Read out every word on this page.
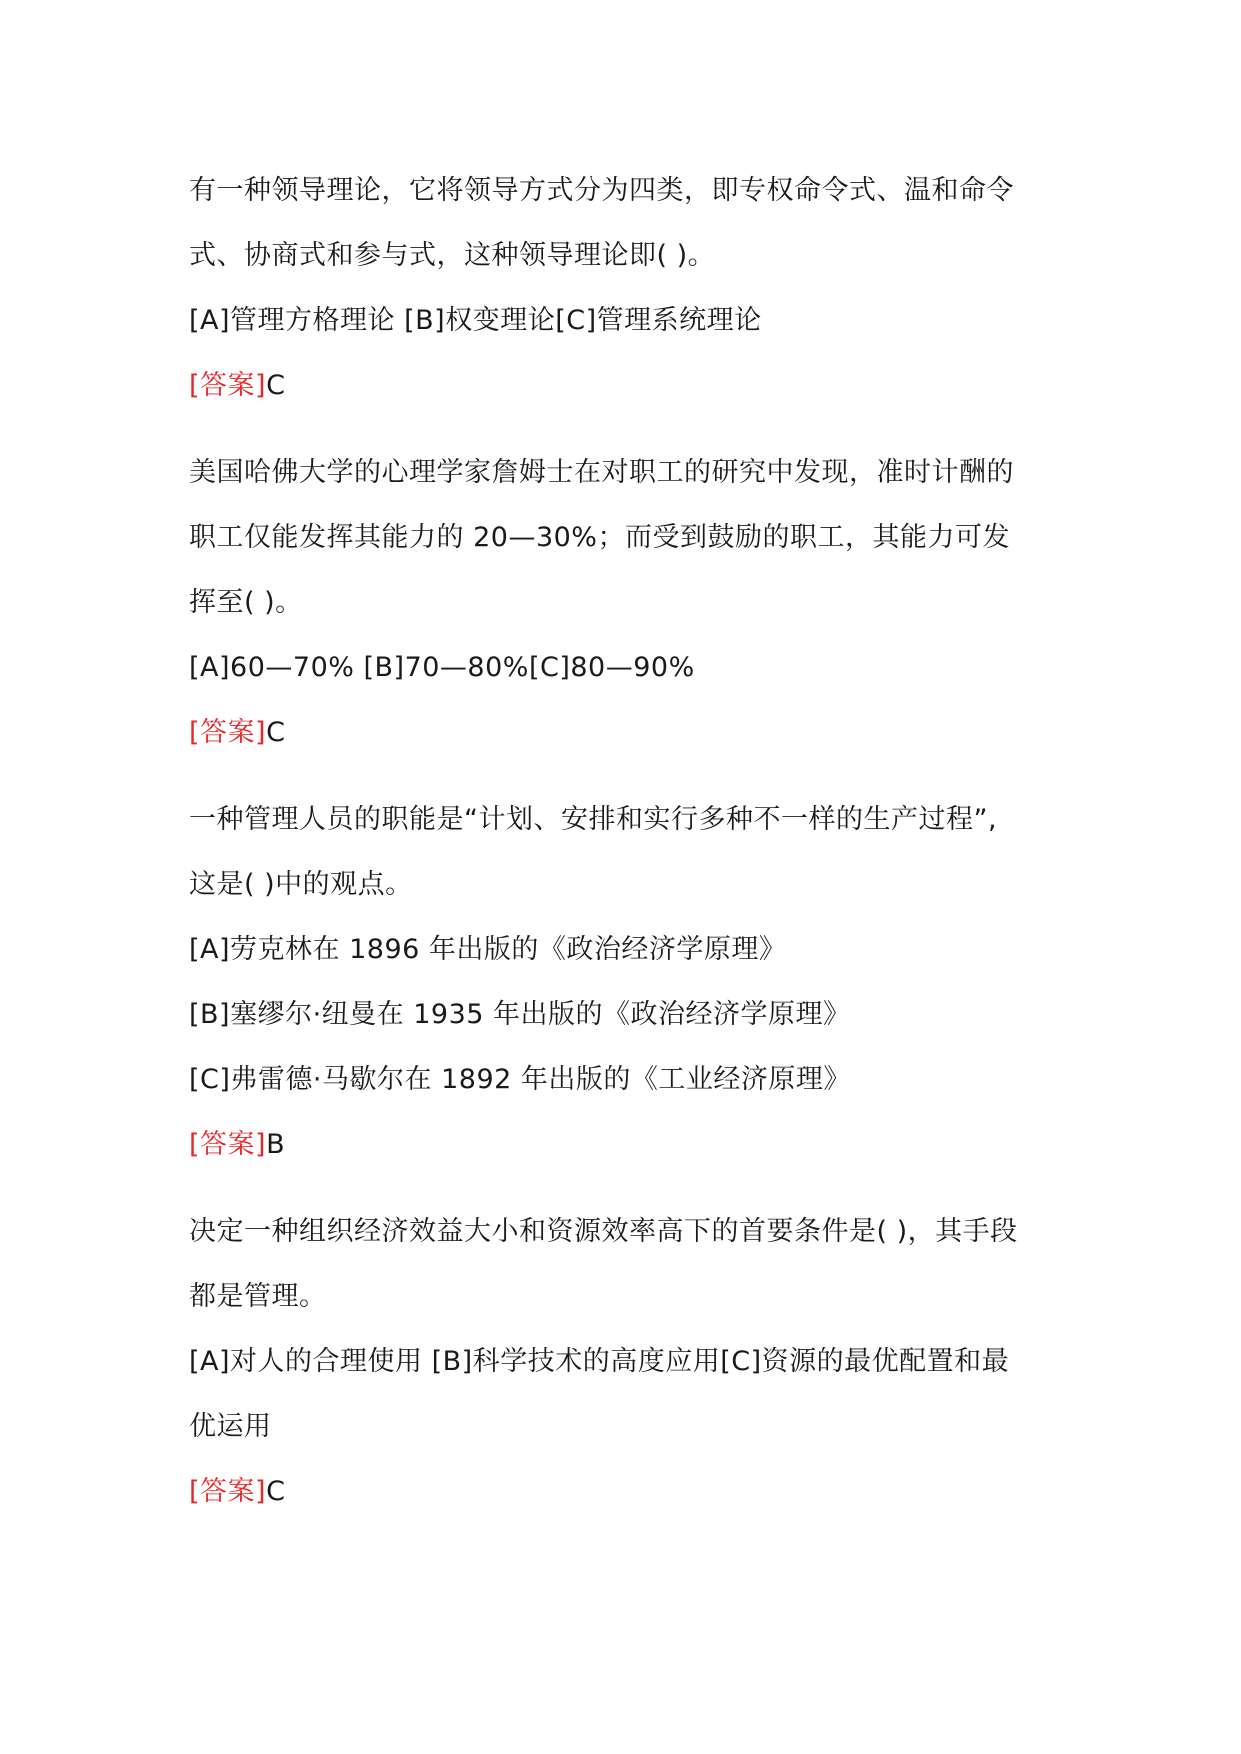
有一种领导理论，它将领导方式分为四类，即专权命令式、温和命令
式、协商式和参与式，这种领导理论即( )。
[A]管理方格理论 [B]权变理论[C]管理系统理论
[答案]C
美国哈佛大学的心理学家詹姆士在对职工的研究中发现，准时计酬的
职工仅能发挥其能力的 20—30%；而受到鼓励的职工，其能力可发
挥至( )。
[A]60—70% [B]70—80%[C]80—90%
[答案]C
一种管理人员的职能是“计划、安排和实行多种不一样的生产过程”,
这是( )中的观点。
[A]劳克林在 1896 年出版的《政治经济学原理》
[B]塞缪尔·纽曼在 1935 年出版的《政治经济学原理》
[C]弗雷德·马歇尔在 1892 年出版的《工业经济原理》
[答案]B
决定一种组织经济效益大小和资源效率高下的首要条件是( )，其手段
都是管理。
[A]对人的合理使用 [B]科学技术的高度应用[C]资源的最优配置和最
优运用
[答案]C
